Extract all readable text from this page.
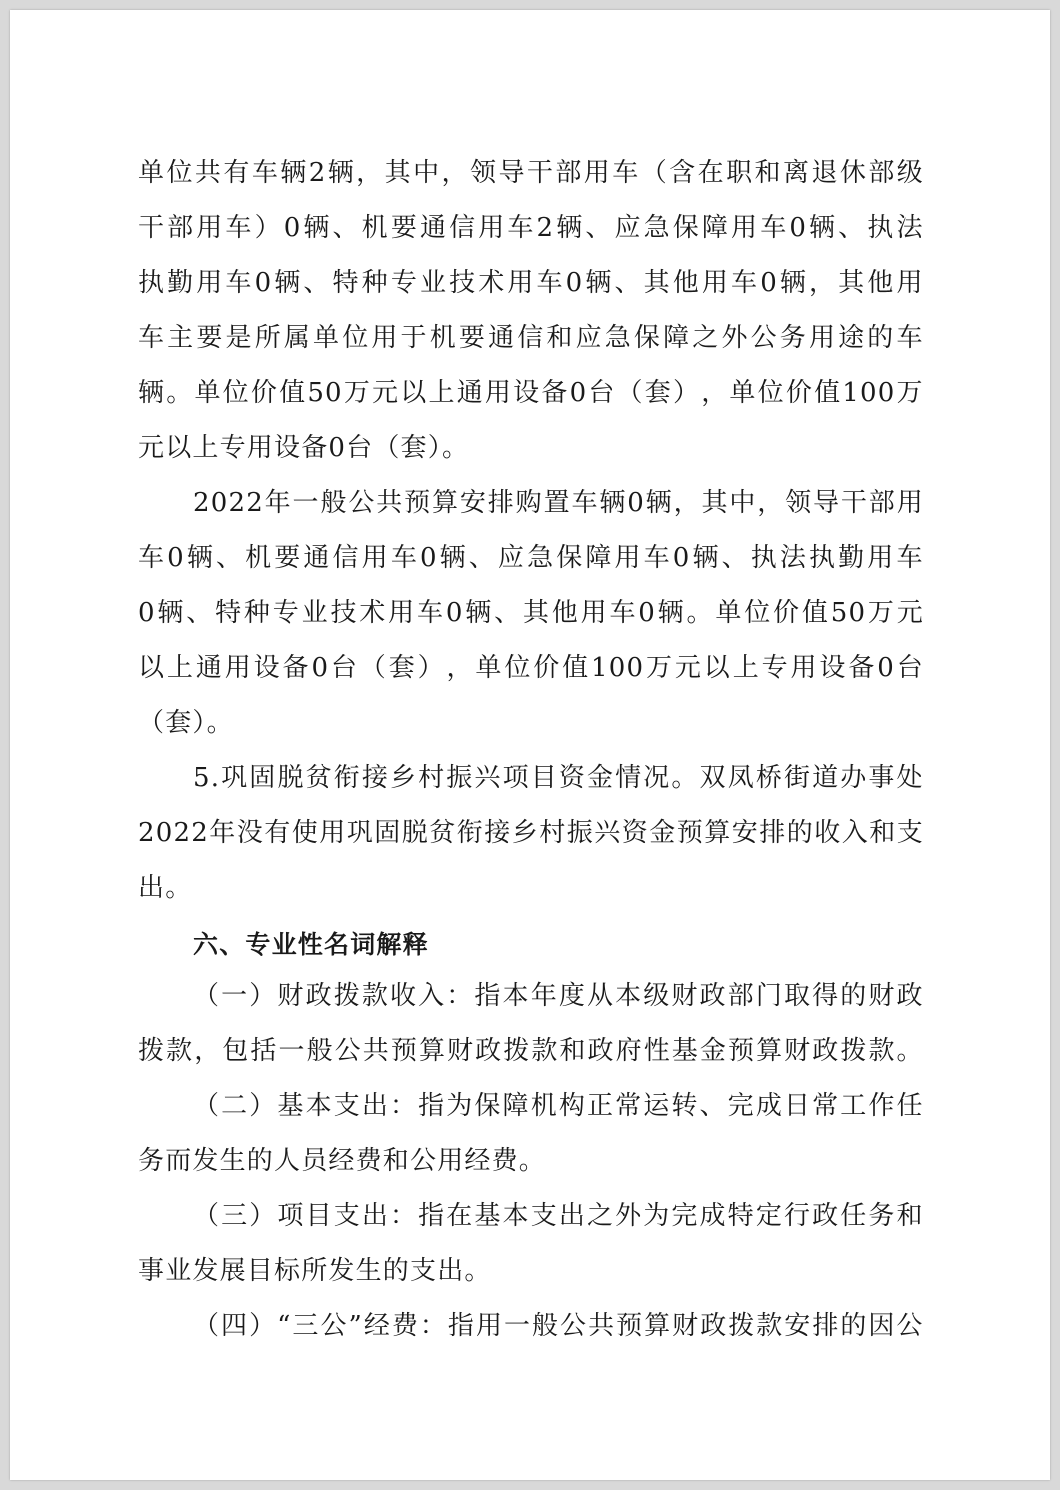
单 位 共 有 车 辆 2 辆 ， 其 中 ， 领 导 干 部 用 车 （ 含 在 职 和 离 退 休 部 级
干 部 用 车 ） 0 辆 、 机 要 通 信 用 车 2 辆 、 应 急 保 障 用 车 0 辆 、 执 法
执 勤 用 车 0 辆 、 特 种 专 业 技 术 用 车 0 辆 、 其 他 用 车 0 辆 ， 其 他 用
车 主 要 是 所 属 单 位 用 于 机 要 通 信 和 应 急 保 障 之 外 公 务 用 途 的 车
辆 。 单 位 价 值 50 万 元 以 上 通 用 设 备 0 台 （ 套 ） ， 单 位 价 值 100 万
元以上专用设备0台（套）。
2022 年 一 般 公 共 预 算 安 排 购 置 车 辆 0 辆 ， 其 中 ， 领 导 干 部 用
车 0 辆 、 机 要 通 信 用 车 0 辆 、 应 急 保 障 用 车 0 辆 、 执 法 执 勤 用 车
0 辆 、 特 种 专 业 技 术 用 车 0 辆 、 其 他 用 车 0 辆 。 单 位 价 值 50 万 元
以 上 通 用 设 备 0 台 （ 套 ） ， 单 位 价 值 100 万 元 以 上 专 用 设 备 0 台
（套）。
5. 巩 固 脱 贫 衔 接 乡 村 振 兴 项 目 资 金 情 况 。 双 凤 桥 街 道 办 事 处
2022 年 没 有 使 用 巩 固 脱 贫 衔 接 乡 村 振 兴 资 金 预 算 安 排 的 收 入 和 支
出。
六、专业性名词解释
（ 一 ） 财 政 拨 款 收 入 ： 指 本 年 度 从 本 级 财 政 部 门 取 得 的 财 政
拨 款 ， 包 括 一 般 公 共 预 算 财 政 拨 款 和 政 府 性 基 金 预 算 财 政 拨 款 。
（ 二 ） 基 本 支 出 ： 指 为 保 障 机 构 正 常 运 转 、 完 成 日 常 工 作 任
务而发生的人员经费和公用经费。
（ 三 ） 项 目 支 出 ： 指 在 基 本 支 出 之 外 为 完 成 特 定 行 政 任 务 和
事业发展目标所发生的支出。
（ 四 ） “ 三 公 ” 经 费 ： 指 用 一 般 公 共 预 算 财 政 拨 款 安 排 的 因 公
